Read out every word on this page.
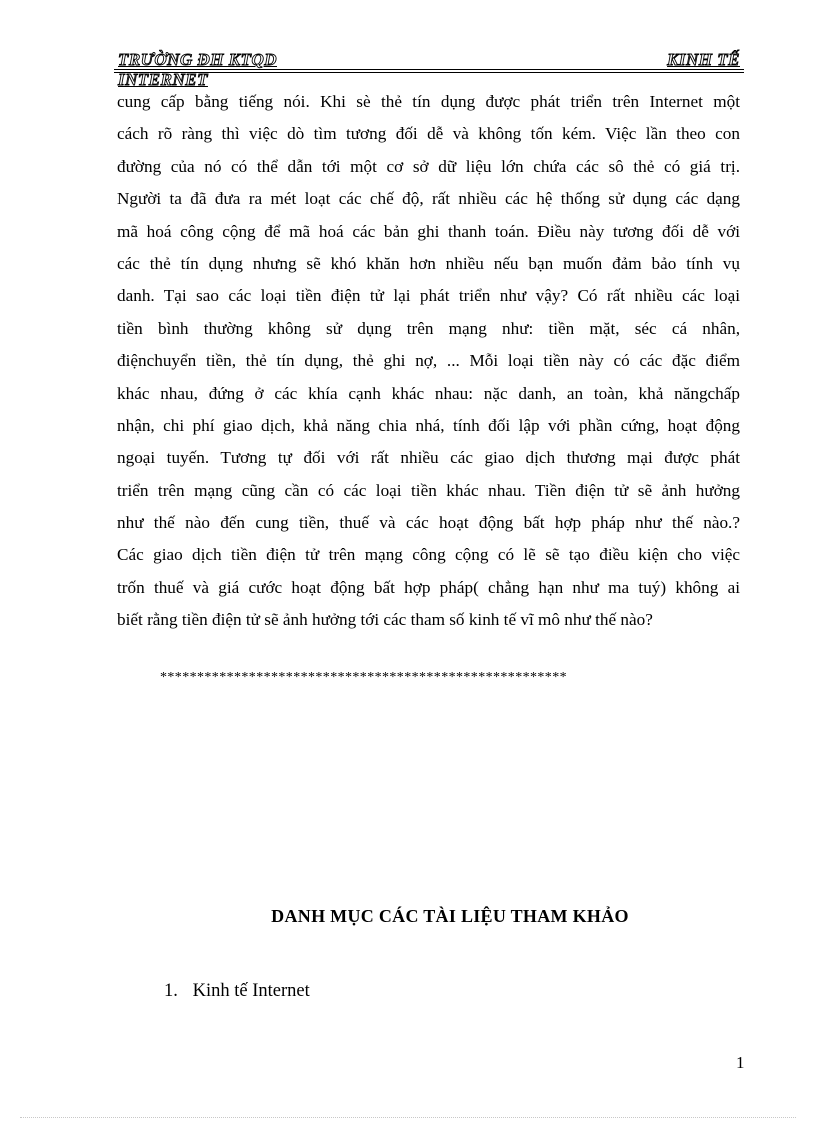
TRƯỜNG ĐH KTQD	KINH TẾ
INTERNET
cung cấp bằng tiếng nói. Khi sè thẻ tín dụng được phát triển trên Internet một
cách rõ ràng thì việc dò tìm tương đối dễ và không tốn kém. Việc lần theo con
đường của nó có thể dẫn tới một cơ sở dữ liệu lớn chứa các sô thẻ có giá trị.
Người ta đã đưa ra mét loạt các chế độ, rất nhiều các hệ thống sử dụng các dạng
mã hoá công cộng để mã hoá các bản ghi thanh toán. Điều này tương đối dễ với
các thẻ tín dụng nhưng sẽ khó khăn hơn nhiều nếu bạn muốn đảm bảo tính vụ
danh. Tại sao các loại tiền điện tử lại phát triển như vậy? Có rất nhiều các loại
tiền bình thường không sử dụng trên mạng như: tiền mặt, séc cá nhân,
điệnchuyển tiền, thẻ tín dụng, thẻ ghi nợ, ... Mỗi loại tiền này có các đặc điểm
khác nhau, đứng ở các khía cạnh khác nhau: nặc danh, an toàn, khả năngchấp
nhận, chi phí giao dịch, khả năng chia nhá, tính đối lập với phần cứng, hoạt động
ngoại tuyến. Tương tự đối với rất nhiều các giao dịch thương mại được phát
triển trên mạng cũng cần có các loại tiền khác nhau. Tiền điện tử sẽ ảnh hưởng
như thế nào đến cung tiền, thuế và các hoạt động bất hợp pháp như thế nào.?
Các giao dịch tiền điện tử trên mạng công cộng có lẽ sẽ tạo điều kiện cho việc
trốn thuế và giá cước hoạt động bất hợp pháp( chẳng hạn như ma tuý) không ai
biết rằng tiền điện tử sẽ ảnh hưởng tới các tham số kinh tế vĩ mô như thế nào?
*******************************************************
DANH MỤC CÁC TÀI LIỆU THAM KHẢO
1. Kinh tế Internet
1
